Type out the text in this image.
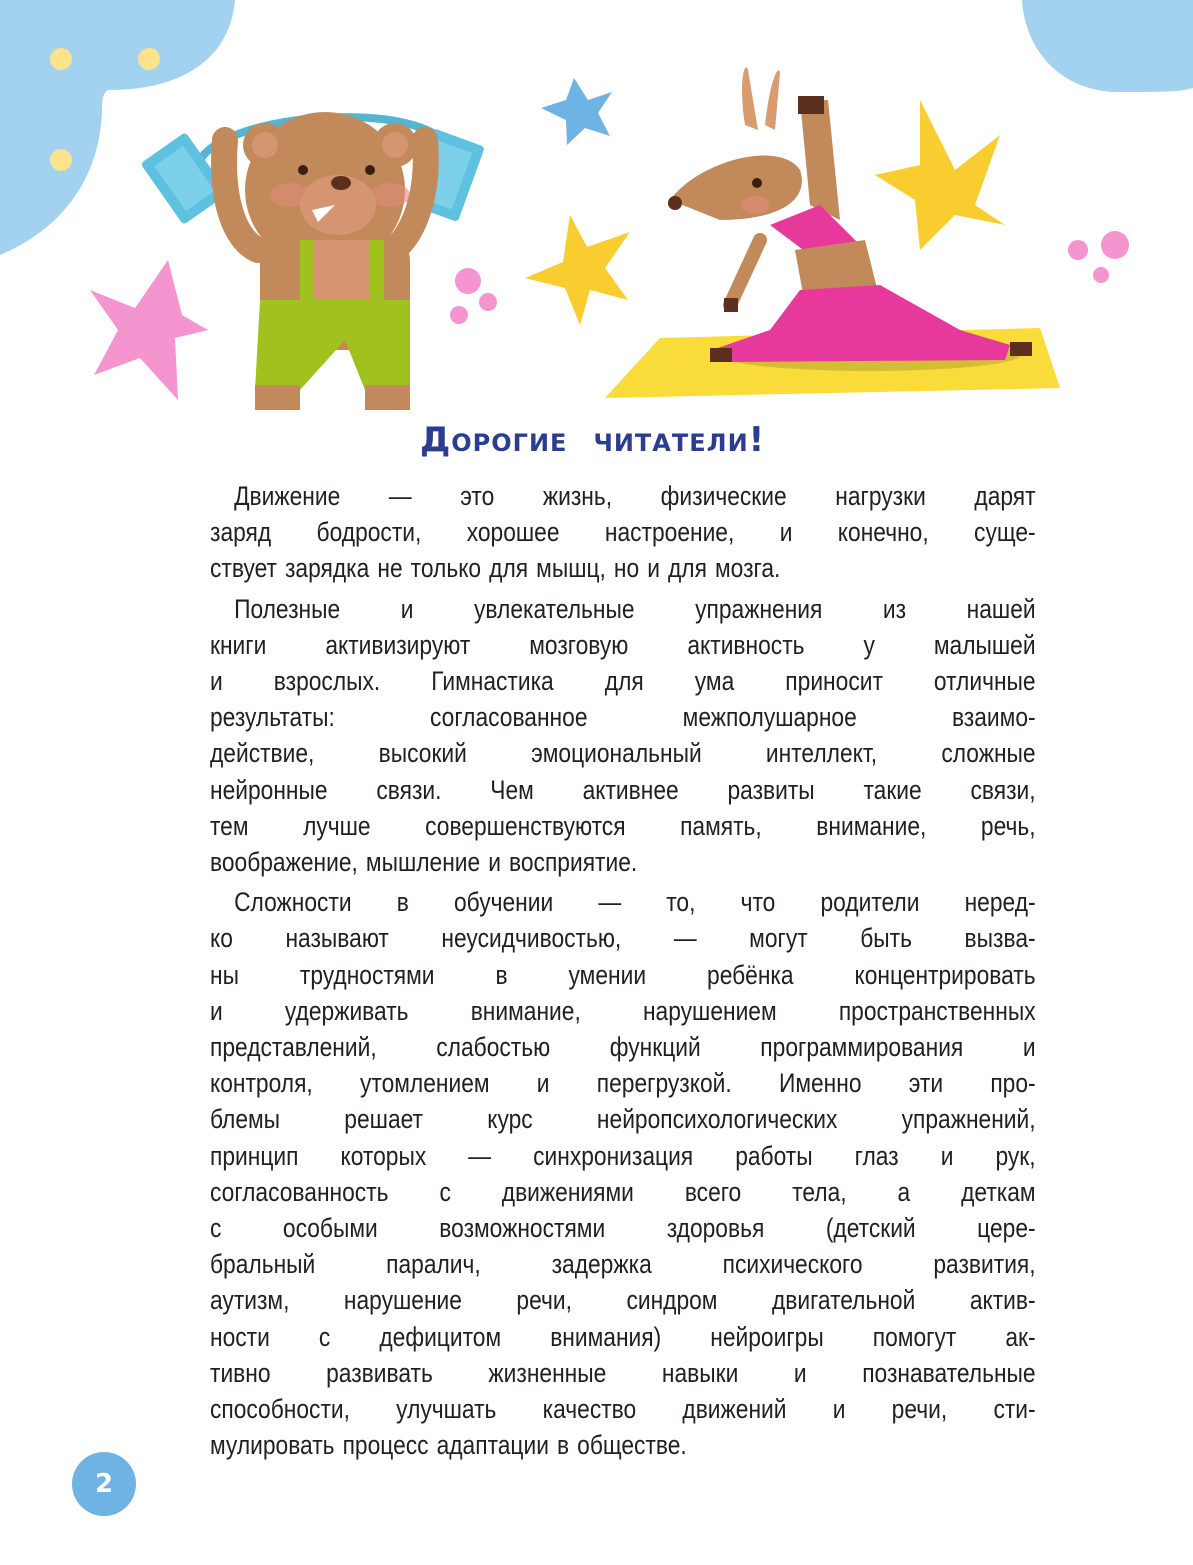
Дорогие читатели!

Движение — это жизнь, физические нагрузки дарят
заряд бодрости, хорошее настроение, и конечно, суще-
ствует зарядка не только для мышц, но и для мозга.

Полезные и увлекательные упражнения из нашей
книги активизируют мозговую активность у малышей
и взрослых. Гимнастика для ума приносит отличные
результаты: согласованное межполушарное взаимо-
действие, высокий эмоциональный интеллект, сложные
нейронные связи. Чем активнее развиты такие связи,
тем лучше совершенствуются память, внимание, речь,
воображение, мышление и восприятие.

Сложности в обучении — то, что родители неред-
ко называют неусидчивостью, — могут быть вызва-
ны трудностями в умении ребёнка концентрировать
и удерживать внимание, нарушением пространственных
представлений, слабостью функций программирования и
контроля, утомлением и перегрузкой. Именно эти про-
блемы решает курс нейропсихологических упражнений,
принцип которых — синхронизация работы глаз и рук,
согласованность с движениями всего тела, а деткам
с особыми возможностями здоровья (детский цере-
бральный паралич, задержка психического развития,
аутизм, нарушение речи, синдром двигательной актив-
ности с дефицитом внимания) нейроигры помогут ак-
тивно развивать жизненные навыки и познавательные
способности, улучшать качество движений и речи, сти-
мулировать процесс адаптации в обществе.

2
